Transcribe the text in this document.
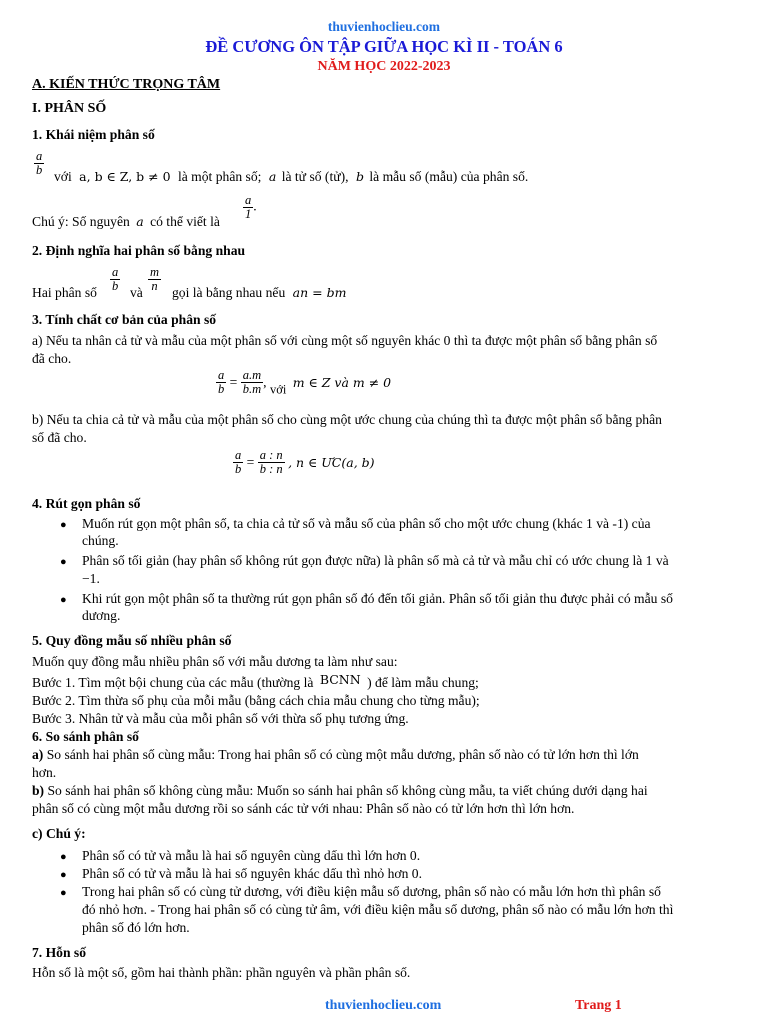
thuvienhoclieu.com
ĐỀ CƯƠNG ÔN TẬP GIỮA HỌC KÌ II - TOÁN 6
NĂM HỌC 2022-2023
A. KIẾN THỨC TRỌNG TÂM
I. PHÂN SỐ
1. Khái niệm phân số
$\frac{a}{b}$ với a, b ∈ Z, b ≠ 0 là một phân số; a là tử số (tử), b là mẫu số (mẫu) của phân số.
Chú ý: Số nguyên a có thể viết là
$\frac{a}{1}$ .
2. Định nghĩa hai phân số bằng nhau
Hai phân số $\frac{a}{b}$ và $\frac{m}{n}$ gọi là bằng nhau nếu an = bm
3. Tính chất cơ bản của phân số
a) Nếu ta nhân cả tử và mẫu của một phân số với cùng một số nguyên khác 0 thì ta được một phân số bằng phân số
đã cho.
$\frac{a}{b} = \frac{a.m}{b.m}$ , với m ∈ Z và m ≠ 0
b) Nếu ta chia cả tử và mẫu của một phân số cho cùng một ước chung của chúng thì ta được một phân số bằng phân
số đã cho.
$\frac{a}{b} = \frac{a : n}{b : n}$ , n ∈ ƯC(a, b)
4. Rút gọn phân số
● Muốn rút gọn một phân số, ta chia cả tử số và mẫu số của phân số cho một ước chung (khác 1 và -1) của
chúng.
● Phân số tối giản (hay phân số không rút gọn được nữa) là phân số mà cả tử và mẫu chỉ có ước chung là 1 và
−1.
● Khi rút gọn một phân số ta thường rút gọn phân số đó đến tối giản. Phân số tối giản thu được phải có mẫu số
dương.
5. Quy đồng mẫu số nhiều phân số
Muốn quy đồng mẫu nhiều phân số với mẫu dương ta làm như sau:
Bước 1. Tìm một bội chung của các mẫu (thường là BCNN ) để làm mẫu chung;
Bước 2. Tìm thừa số phụ của mỗi mẫu (bằng cách chia mẫu chung cho từng mẫu);
Bước 3. Nhân tử và mẫu của mỗi phân số với thừa số phụ tương ứng.
6. So sánh phân số
a) So sánh hai phân số cùng mẫu: Trong hai phân số có cùng một mẫu dương, phân số nào có tử lớn hơn thì lớn
hơn.
b) So sánh hai phân số không cùng mẫu: Muốn so sánh hai phân số không cùng mẫu, ta viết chúng dưới dạng hai
phân số có cùng một mẫu dương rồi so sánh các tử với nhau: Phân số nào có tử lớn hơn thì lớn hơn.
c) Chú ý:
● Phân số có tử và mẫu là hai số nguyên cùng dấu thì lớn hơn 0.
● Phân số có tử và mẫu là hai số nguyên khác dấu thì nhỏ hơn 0.
● Trong hai phân số có cùng tử dương, với điều kiện mẫu số dương, phân số nào có mẫu lớn hơn thì phân số
đó nhỏ hơn. - Trong hai phân số có cùng tử âm, với điều kiện mẫu số dương, phân số nào có mẫu lớn hơn thì
phân số đó lớn hơn.
7. Hỗn số
Hỗn số là một số, gồm hai thành phần: phần nguyên và phần phân số.
thuvienhoclieu.com	Trang 1
